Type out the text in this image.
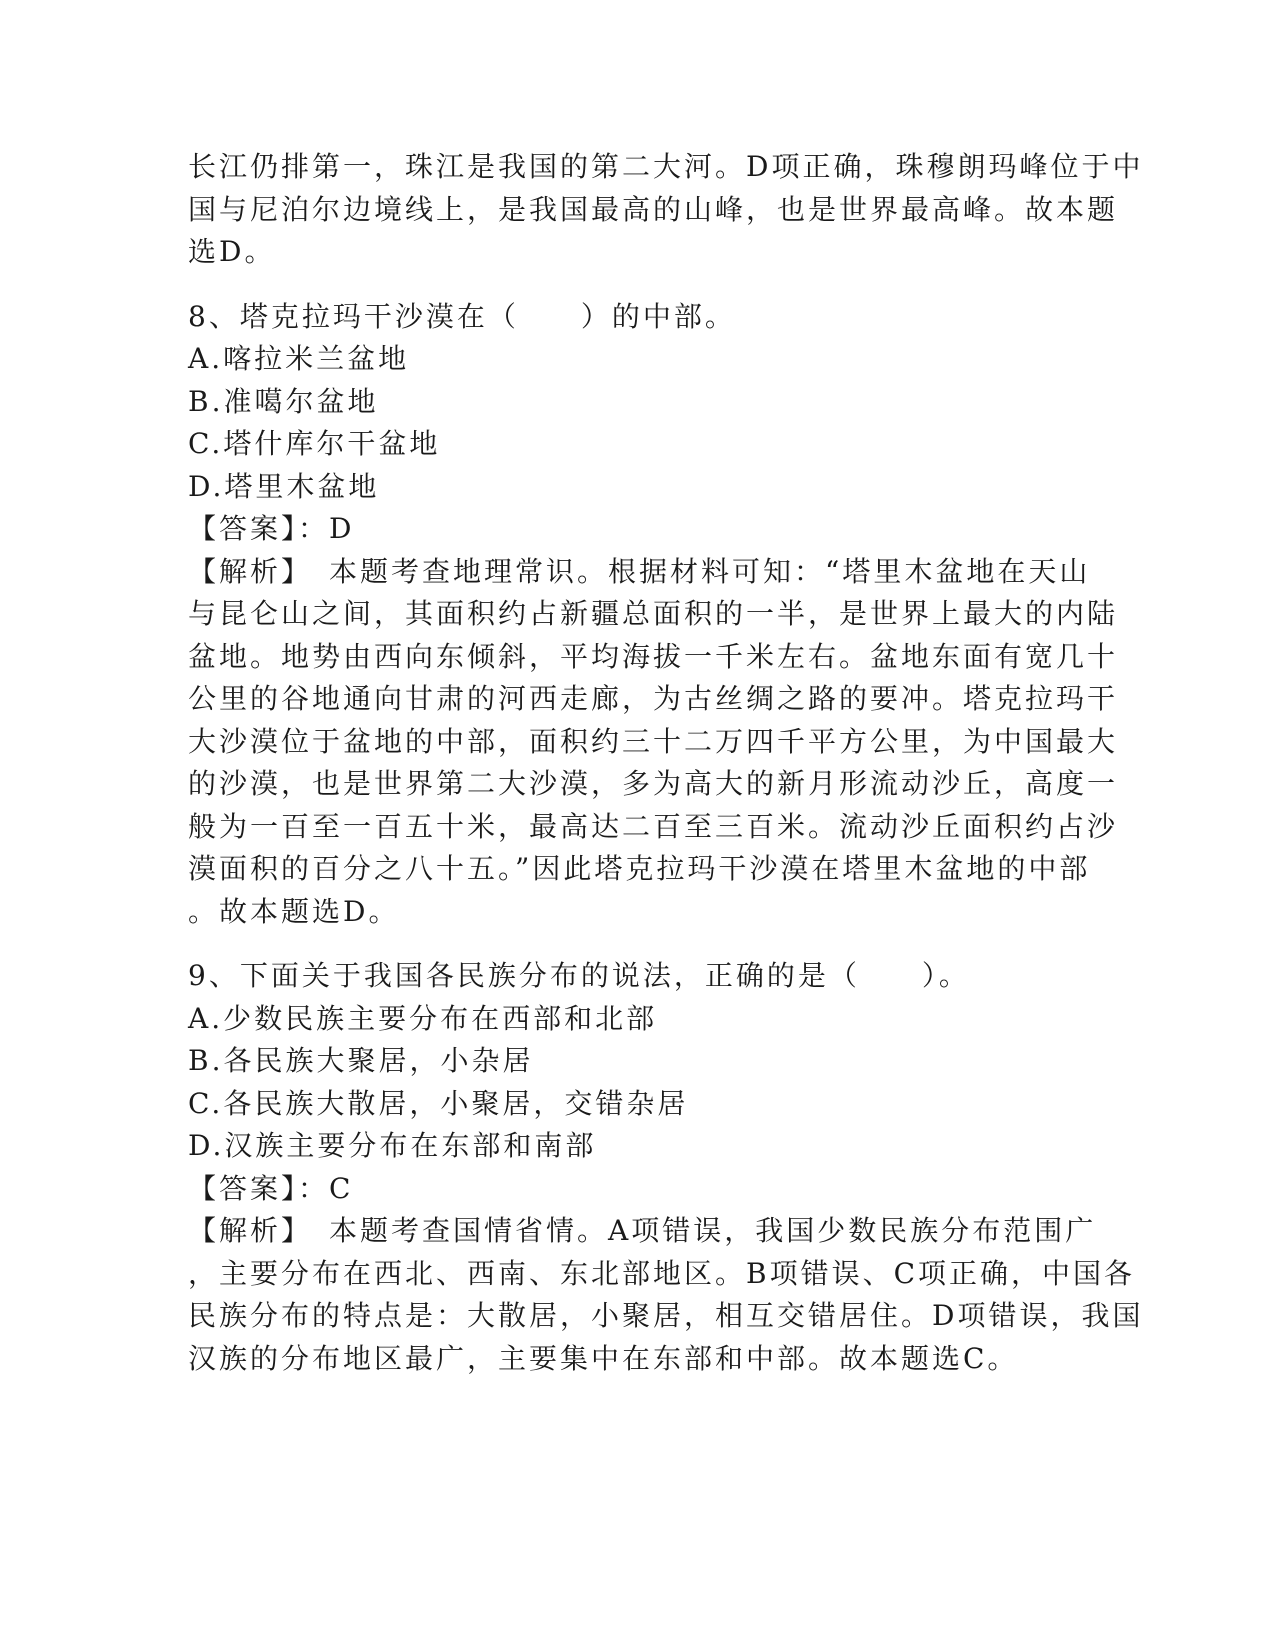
长江仍排第一，珠江是我国的第二大河。D项正确，珠穆朗玛峰位于中
国与尼泊尔边境线上，是我国最高的山峰，也是世界最高峰。故本题
选D。
8、塔克拉玛干沙漠在（　　）的中部。
A.喀拉米兰盆地
B.准噶尔盆地
C.塔什库尔干盆地
D.塔里木盆地
【答案】：D
【解析】　本题考查地理常识。根据材料可知：“塔里木盆地在天山
与昆仑山之间，其面积约占新疆总面积的一半，是世界上最大的内陆
盆地。地势由西向东倾斜，平均海拔一千米左右。盆地东面有宽几十
公里的谷地通向甘肃的河西走廊，为古丝绸之路的要冲。塔克拉玛干
大沙漠位于盆地的中部，面积约三十二万四千平方公里，为中国最大
的沙漠，也是世界第二大沙漠，多为高大的新月形流动沙丘，高度一
般为一百至一百五十米，最高达二百至三百米。流动沙丘面积约占沙
漠面积的百分之八十五。”因此塔克拉玛干沙漠在塔里木盆地的中部
。故本题选D。
9、下面关于我国各民族分布的说法，正确的是（　　）。
A.少数民族主要分布在西部和北部
B.各民族大聚居，小杂居
C.各民族大散居，小聚居，交错杂居
D.汉族主要分布在东部和南部
【答案】：C
【解析】　本题考查国情省情。A项错误，我国少数民族分布范围广
，主要分布在西北、西南、东北部地区。B项错误、C项正确，中国各
民族分布的特点是：大散居，小聚居，相互交错居住。D项错误，我国
汉族的分布地区最广，主要集中在东部和中部。故本题选C。
